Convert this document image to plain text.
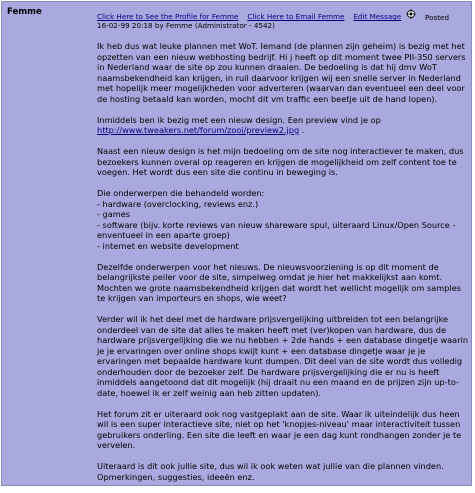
Femme	Click Here to See the Profile for Femme Click Here to Email Femme Edit Message	Posted
16-02-99 20:18 by Femme (Administrator - 4542)

Ik heb dus wat leuke plannen met WoT. Iemand (de plannen zijn geheim) is bezig met het opzetten van een nieuw webhosting bedrijf. Hi j heeft op dit moment twee PII-350 servers in Nederland waar de site op zou kunnen draaien. De bedoeling is dat hij dmv WoT naamsbekendheid kan krijgen, in ruil daarvoor krijgen wij een snelle server in Nederland met hopelijk meer mogelijkheden voor adverteren (waarvan dan eventueel een deel voor de hosting betaald kan worden, mocht dit vm traffic een beetje uit de hand lopen).

Inmiddels ben ik bezig met een nieuw design. Een preview vind je op
http://www.tweakers.net/forum/zooi/preview2.jpg .

Naast een nieuw design is het mijn bedoeling om de site nog interactiever te maken, dus bezoekers kunnen overal op reageren en krijgen de mogelijkheid om zelf content toe te voegen. Het wordt dus een site die continu in beweging is.

Die onderwerpen die behandeld worden:
- hardware (overclocking, reviews enz.)
- games
- software (bijv. korte reviews van nieuw shareware spul, uiteraard Linux/Open Source - enventueel in een aparte groep)
- internet en website development

Dezelfde onderwerpen voor het nieuws. De nieuwsvoorziening is op dit moment de belangrijkste peiler voor de site, simpelweg omdat je hier het makkelijkst aan komt. Mochten we grote naamsbekendheid krijgen dat wordt het wellicht mogelijk om samples te krijgen van importeurs en shops, wie weet?

Verder wil ik het deel met de hardware prijsvergelijking uitbreiden tot een belangrijke onderdeel van de site dat alles te maken heeft met (ver)kopen van hardware, dus de hardware prijsvergelijking die we nu hebben + 2de hands + een database dingetje waarin je je ervaringen over online shops kwijt kunt + een database dingetje waar je je ervaringen met bepaalde hardware kunt dumpen. Dit deel van de site wordt dus volledig onderhouden door de bezoeker zelf. De hardware prijsvergelijking die er nu is heeft inmiddels aangetoond dat dit mogelijk (hij draait nu een maand en de prijzen zijn up-to-date, hoewel ik er zelf weinig aan heb zitten updaten).

Het forum zit er uiteraard ook nog vastgeplakt aan de site. Waar ik uiteindelijk dus heen wil is een super interactieve site, niet op het 'knopjes-niveau' maar interactiviteit tussen gebruikers onderling. Een site die leeft en waar je een dag kunt rondhangen zonder je te vervelen.

Uiteraard is dit ook jullie site, dus wil ik ook weten wat jullie van die plannen vinden. Opmerkingen, suggesties, ideeën enz.
